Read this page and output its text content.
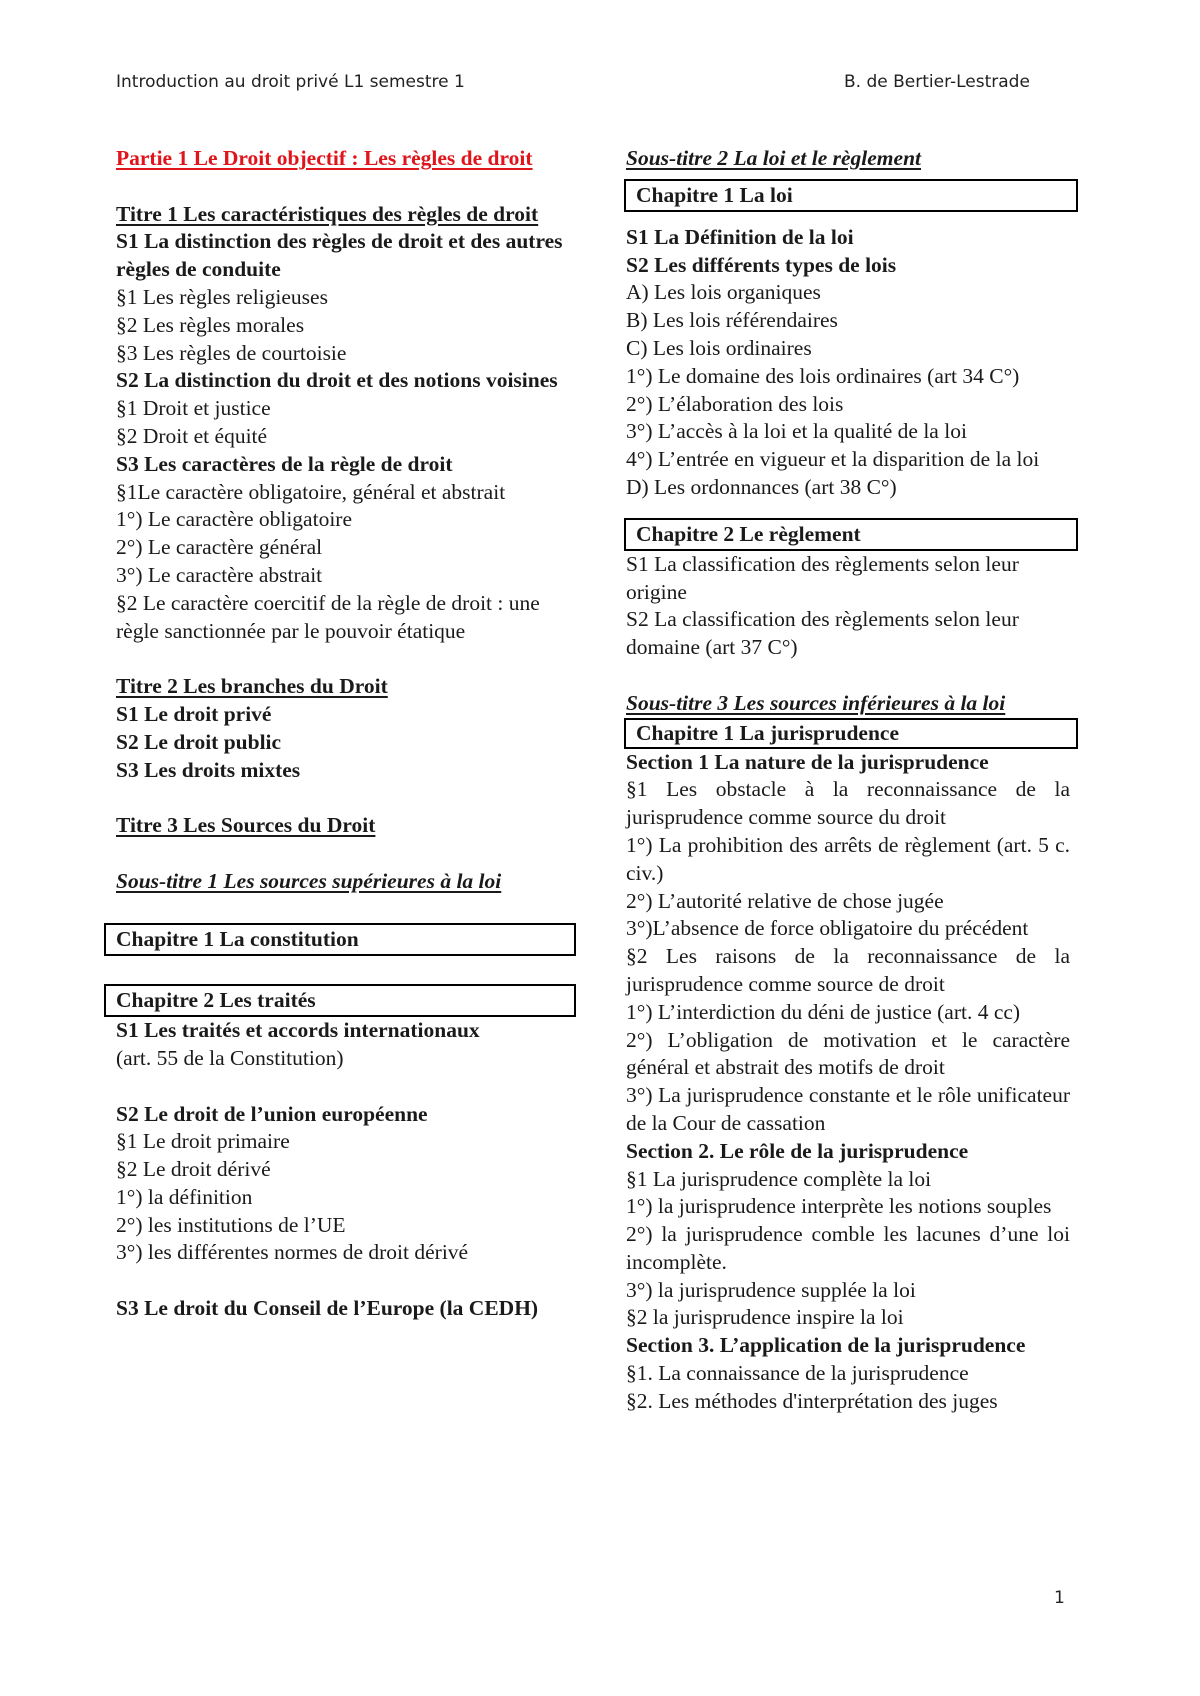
Introduction au droit privé L1 semestre 1	B. de Bertier-Lestrade
Partie 1 Le Droit objectif : Les règles de droit
Titre 1 Les caractéristiques des règles de droit
S1 La distinction des règles de droit et des autres règles de conduite
§1 Les règles religieuses
§2 Les règles morales
§3 Les règles de courtoisie
S2 La distinction du droit et des notions voisines
§1 Droit et justice
§2 Droit et équité
S3 Les caractères de la règle de droit
§1Le caractère obligatoire, général et abstrait
1°) Le caractère obligatoire
2°) Le caractère général
3°) Le caractère abstrait
§2 Le caractère coercitif de la règle de droit : une règle sanctionnée par le pouvoir étatique
Titre 2 Les branches du Droit
S1 Le droit privé
S2 Le droit public
S3 Les droits mixtes
Titre 3 Les Sources du Droit
Sous-titre 1 Les sources supérieures à la loi
Chapitre 1 La constitution
Chapitre 2 Les traités
S1 Les traités et accords internationaux
(art. 55 de la Constitution)
S2 Le droit de l’union européenne
§1 Le droit primaire
§2 Le droit dérivé
1°) la définition
2°) les institutions de l’UE
3°) les différentes normes de droit dérivé
S3 Le droit du Conseil de l’Europe (la CEDH)
Sous-titre 2 La loi et le règlement
Chapitre 1 La loi
S1 La Définition de la loi
S2 Les différents types de lois
A) Les lois organiques
B) Les lois référendaires
C) Les lois ordinaires
1°) Le domaine des lois ordinaires (art 34 C°)
2°) L’élaboration des lois
3°) L’accès à la loi et la qualité de la loi
4°) L’entrée en vigueur et la disparition de la loi
D) Les ordonnances (art 38 C°)
Chapitre 2 Le règlement
S1 La classification des règlements selon leur origine
S2 La classification des règlements selon leur domaine (art 37 C°)
Sous-titre 3 Les sources inférieures à la loi
Chapitre 1 La jurisprudence
Section 1 La nature de la jurisprudence
§1 Les obstacle à la reconnaissance de la jurisprudence comme source du droit
1°) La prohibition des arrêts de règlement (art. 5 c. civ.)
2°) L’autorité relative de chose jugée
3°)L’absence de force obligatoire du précédent
§2 Les raisons de la reconnaissance de la jurisprudence comme source de droit
1°) L’interdiction du déni de justice (art. 4 cc)
2°) L’obligation de motivation et le caractère général et abstrait des motifs de droit
3°) La jurisprudence constante et le rôle unificateur de la Cour de cassation
Section 2. Le rôle de la jurisprudence
§1 La jurisprudence complète la loi
1°) la jurisprudence interprète les notions souples
2°) la jurisprudence comble les lacunes d’une loi incomplète.
3°) la jurisprudence supplée la loi
§2 la jurisprudence inspire la loi
Section 3. L’application de la jurisprudence
§1. La connaissance de la jurisprudence
§2. Les méthodes d'interprétation des juges
1
